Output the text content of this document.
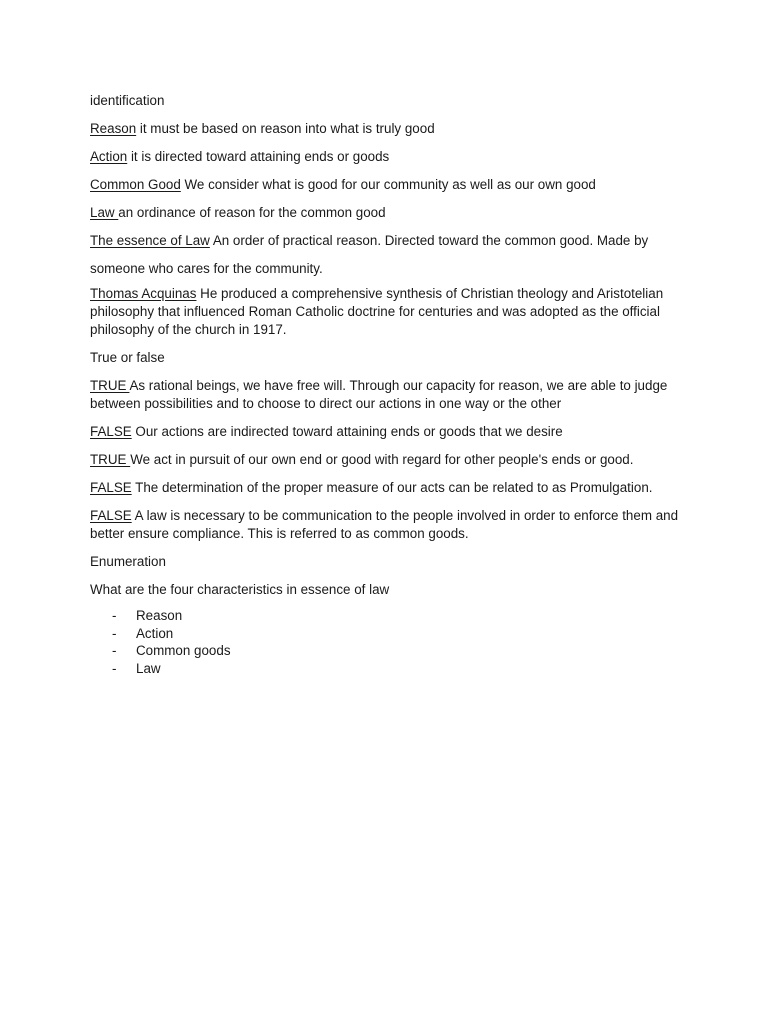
identification

Reason it must be based on reason into what is truly good

Action it is directed toward attaining ends or goods

Common Good We consider what is good for our community as well as our own good

Law an ordinance of reason for the common good

The essence of Law An order of practical reason. Directed toward the common good. Made by someone who cares for the community.

Thomas Acquinas He produced a comprehensive synthesis of Christian theology and Aristotelian philosophy that influenced Roman Catholic doctrine for centuries and was adopted as the official philosophy of the church in 1917.

True or false

TRUE As rational beings, we have free will. Through our capacity for reason, we are able to judge between possibilities and to choose to direct our actions in one way or the other

FALSE Our actions are indirected toward attaining ends or goods that we desire

TRUE We act in pursuit of our own end or good with regard for other people's ends or good.

FALSE The determination of the proper measure of our acts can be related to as Promulgation.

FALSE A law is necessary to be communication to the people involved in order to enforce them and better ensure compliance. This is referred to as common goods.

Enumeration

What are the four characteristics in essence of law

- Reason
- Action
- Common goods
- Law
